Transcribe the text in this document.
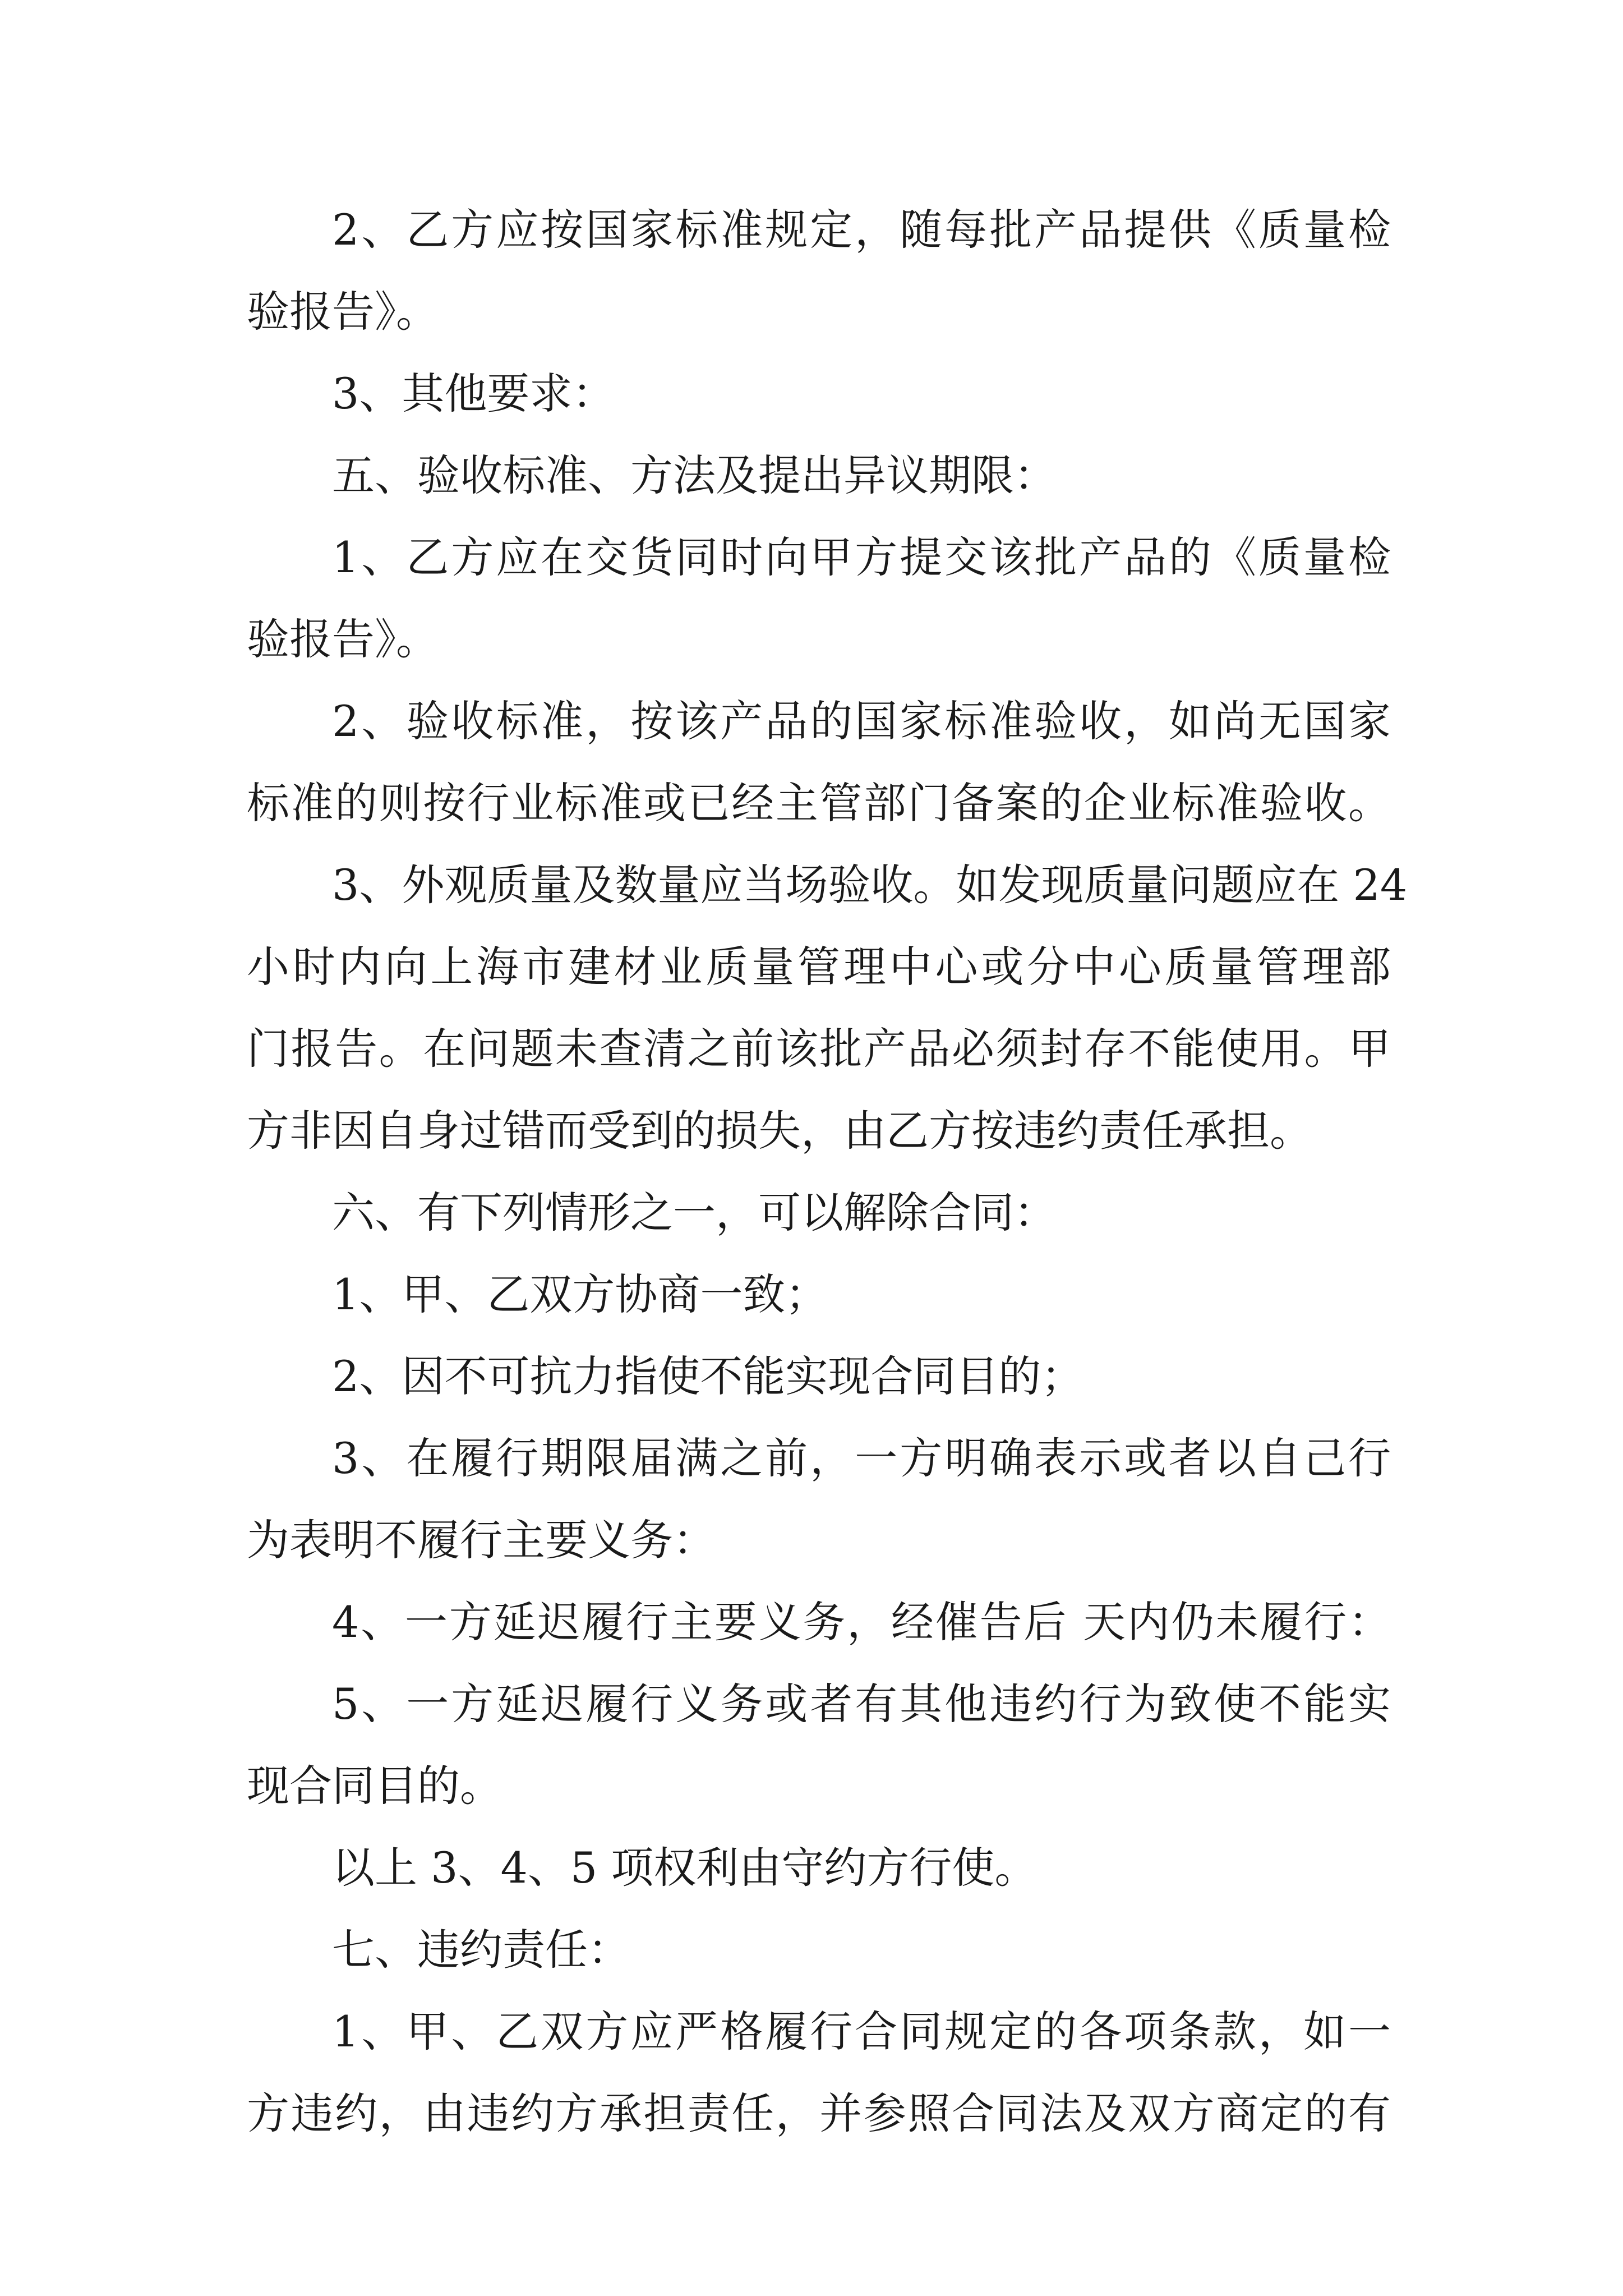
2、乙方应按国家标准规定，随每批产品提供《质量检
验报告》。
3、其他要求：
五、验收标准、方法及提出异议期限：
1、乙方应在交货同时向甲方提交该批产品的《质量检
验报告》。
2、验收标准，按该产品的国家标准验收，如尚无国家
标准的则按行业标准或已经主管部门备案的企业标准验收。
3、外观质量及数量应当场验收。如发现质量问题应在 24
小时内向上海市建材业质量管理中心或分中心质量管理部
门报告。在问题未查清之前该批产品必须封存不能使用。甲
方非因自身过错而受到的损失，由乙方按违约责任承担。
六、有下列情形之一，可以解除合同：
1、甲、乙双方协商一致；
2、因不可抗力指使不能实现合同目的；
3、在履行期限届满之前，一方明确表示或者以自己行
为表明不履行主要义务：
4、一方延迟履行主要义务，经催告后 天内仍未履行：
5、一方延迟履行义务或者有其他违约行为致使不能实
现合同目的。
以上 3、4、5 项权利由守约方行使。
七、违约责任：
1、甲、乙双方应严格履行合同规定的各项条款，如一
方违约，由违约方承担责任，并参照合同法及双方商定的有
